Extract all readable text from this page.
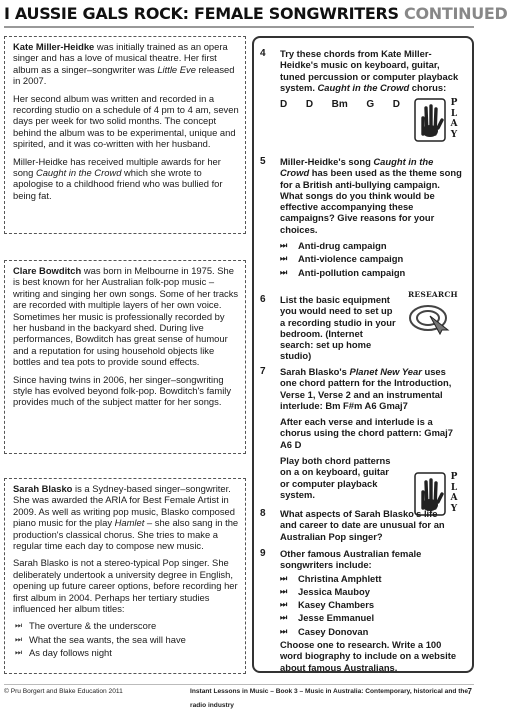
I AUSSIE GALS ROCK: FEMALE SONGWRITERS CONTINUED

Kate Miller-Heidke was initially trained as an opera singer and has a love of musical theatre. Her first album as a singer–songwriter was Little Eve released in 2007.

Her second album was written and recorded in a recording studio on a schedule of 4 pm to 4 am, seven days per week for two solid months. The concept behind the album was to be experimental, unique and spirited, and it was co-written with her husband.

Miller-Heidke has received multiple awards for her song Caught in the Crowd which she wrote to apologise to a childhood friend who was bullied for being fat.

Clare Bowditch was born in Melbourne in 1975. She is best known for her Australian folk-pop music – writing and singing her own songs. Some of her tracks are recorded with multiple layers of her own voice. Sometimes her music is professionally recorded by her husband in the backyard shed. During live performances, Bowditch has great sense of humour and a reputation for using household objects like bottles and tea pots to provide sound effects.

Since having twins in 2006, her singer–songwriting style has evolved beyond folk-pop. Bowditch's family provides much of the subject matter for her songs.

Sarah Blasko is a Sydney-based singer–songwriter. She was awarded the ARIA for Best Female Artist in 2009. As well as writing pop music, Blasko composed piano music for the play Hamlet – she also sang in the production's classical chorus. She tries to make a regular time each day to compose new music.

Sarah Blasko is not a stereo-typical Pop singer. She deliberately undertook a university degree in English, opening up future career options, before recording her first album in 2004. Perhaps her tertiary studies influenced her album titles:

⏭ The overture & the underscore
⏭ What the sea wants, the sea will have
⏭ As day follows night

4 Try these chords from Kate Miller-Heidke's music on keyboard, guitar, tuned percussion or computer playback system. Caught in the Crowd chorus:

D D Bm G D	PLAY
5 Miller-Heidke's song Caught in the Crowd has been used as the theme song for a British anti-bullying campaign. What songs do you think would be effective accompanying these campaigns? Give reasons for your choices.

⏭ Anti-drug campaign
⏭ Anti-violence campaign
⏭ Anti-pollution campaign
6 List the basic equipment you would need to set up a recording studio in your bedroom. (Internet search: set up home studio)

RESEARCH
7 Sarah Blasko's Planet New Year uses one chord pattern for the Introduction, Verse 1, Verse 2 and an instrumental interlude: Bm F#m A6 Gmaj7

After each verse and interlude is a chorus using the chord pattern: Gmaj7 A6 D

Play both chord patterns on a on keyboard, guitar or computer playback system.

PLAY
8 What aspects of Sarah Blasko's life and career to date are unusual for an Australian Pop singer?

9 Other famous Australian female songwriters include:

⏭ Christina Amphlett
⏭ Jessica Mauboy
⏭ Kasey Chambers
⏭ Jesse Emmanuel
⏭ Casey Donovan

Choose one to research. Write a 100 word biography to include on a website about famous Australians.

© Pru Borgert and Blake Education 2011	Instant Lessons in Music – Book 3 – Music in Australia: Contemporary, historical and the radio industry
7
